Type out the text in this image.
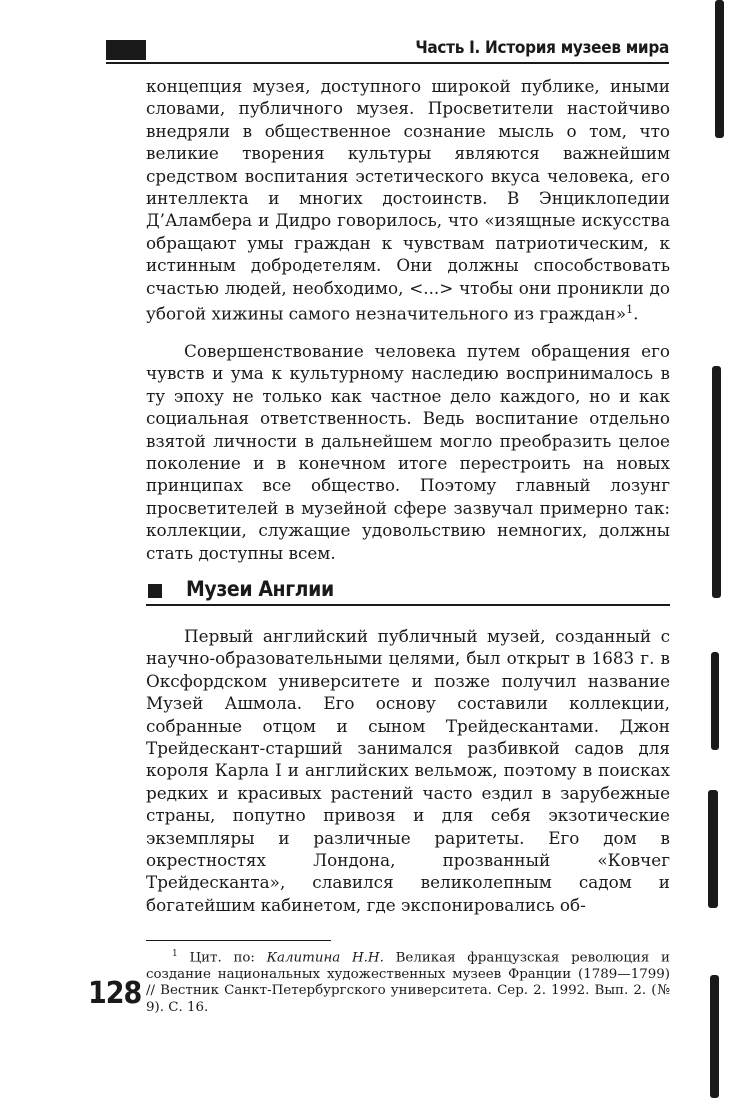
Часть I. История музеев мира

концепция музея, доступного широкой публике, иными словами, публичного музея. Просветители настойчиво внедряли в общественное сознание мысль о том, что великие творения культуры являются важнейшим средством воспитания эстетического вкуса человека, его интеллекта и многих достоинств. В Энциклопедии Д’Аламбера и Дидро говорилось, что «изящные искусства обращают умы граждан к чувствам патриотическим, к истинным добродетелям. Они должны способствовать счастью людей, необходимо, <...> чтобы они проникли до убогой хижины самого незначительного из граждан»$^1$.

Совершенствование человека путем обращения его чувств и ума к культурному наследию воспринималось в ту эпоху не только как частное дело каждого, но и как социальная ответственность. Ведь воспитание отдельно взятой личности в дальнейшем могло преобразить целое поколение и в конечном итоге перестроить на новых принципах все общество. Поэтому главный лозунг просветителей в музейной сфере зазвучал примерно так: коллекции, служащие удовольствию немногих, должны стать доступны всем.

Музеи Англии

Первый английский публичный музей, созданный с научно-образовательными целями, был открыт в 1683 г. в Оксфордском университете и позже получил название Музей Ашмола. Его основу составили коллекции, собранные отцом и сыном Трейдескантами. Джон Трейдескант-старший занимался разбивкой садов для короля Карла I и английских вельмож, поэтому в поисках редких и красивых растений часто ездил в зарубежные страны, попутно привозя и для себя экзотические экземпляры и различные раритеты. Его дом в окрестностях Лондона, прозванный «Ковчег Трейдесканта», славился великолепным садом и богатейшим кабинетом, где экспонировались об-

$^1$ Цит. по: Калитина Н.Н. Великая французская революция и создание национальных художественных музеев Франции (1789—1799) // Вестник Санкт-Петербургского университета. Сер. 2. 1992. Вып. 2. (№ 9). С. 16.

128
